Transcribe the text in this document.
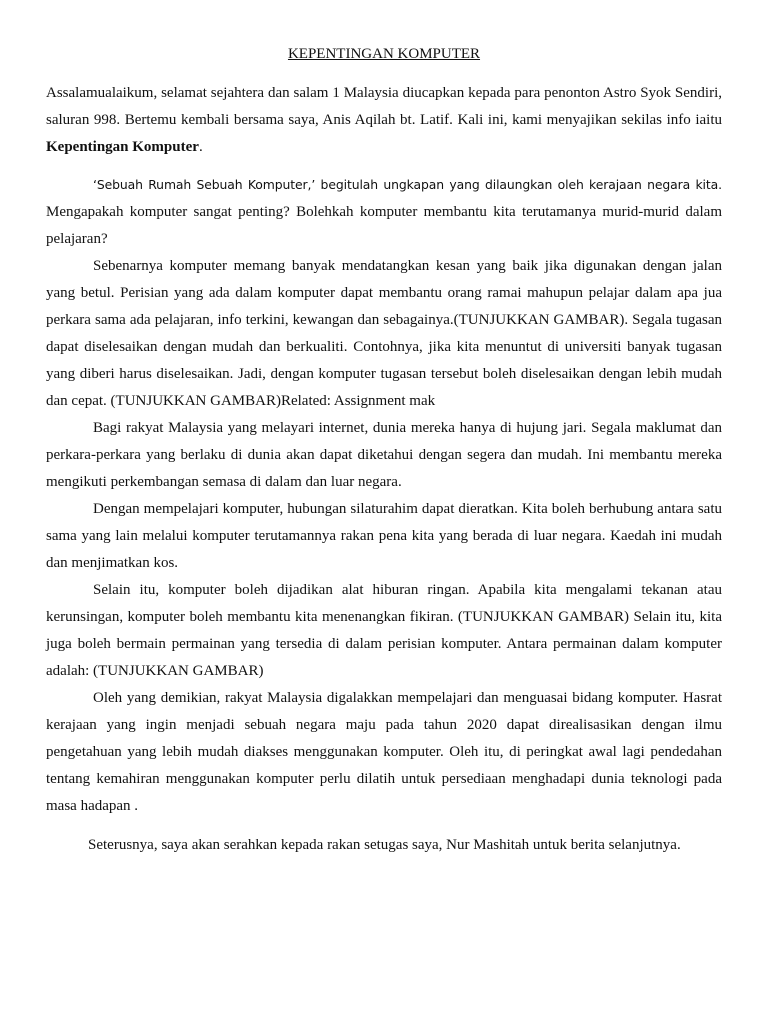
KEPENTINGAN KOMPUTER

Assalamualaikum, selamat sejahtera dan salam 1 Malaysia diucapkan kepada para penonton Astro Syok Sendiri, saluran 998. Bertemu kembali bersama saya, Anis Aqilah bt. Latif. Kali ini, kami menyajikan sekilas info iaitu Kepentingan Komputer.

‘Sebuah Rumah Sebuah Komputer,’ begitulah ungkapan yang dilaungkan oleh kerajaan negara kita. Mengapakah komputer sangat penting? Bolehkah komputer membantu kita terutamanya murid-murid dalam pelajaran?

Sebenarnya komputer memang banyak mendatangkan kesan yang baik jika digunakan dengan jalan yang betul. Perisian yang ada dalam komputer dapat membantu orang ramai mahupun pelajar dalam apa jua perkara sama ada pelajaran, info terkini, kewangan dan sebagainya.(TUNJUKKAN GAMBAR). Segala tugasan dapat diselesaikan dengan mudah dan berkualiti. Contohnya, jika kita menuntut di universiti banyak tugasan yang diberi harus diselesaikan. Jadi, dengan komputer tugasan tersebut boleh diselesaikan dengan lebih mudah dan cepat. (TUNJUKKAN GAMBAR)Related: Assignment mak

Bagi rakyat Malaysia yang melayari internet, dunia mereka hanya di hujung jari. Segala maklumat dan perkara-perkara yang berlaku di dunia akan dapat diketahui dengan segera dan mudah. Ini membantu mereka mengikuti perkembangan semasa di dalam dan luar negara.

Dengan mempelajari komputer, hubungan silaturahim dapat dieratkan. Kita boleh berhubung antara satu sama yang lain melalui komputer terutamannya rakan pena kita yang berada di luar negara. Kaedah ini mudah dan menjimatkan kos.

Selain itu, komputer boleh dijadikan alat hiburan ringan. Apabila kita mengalami tekanan atau kerunsingan, komputer boleh membantu kita menenangkan fikiran. (TUNJUKKAN GAMBAR) Selain itu, kita juga boleh bermain permainan yang tersedia di dalam perisian komputer. Antara permainan dalam komputer adalah: (TUNJUKKAN GAMBAR)

Oleh yang demikian, rakyat Malaysia digalakkan mempelajari dan menguasai bidang komputer. Hasrat kerajaan yang ingin menjadi sebuah negara maju pada tahun 2020 dapat direalisasikan dengan ilmu pengetahuan yang lebih mudah diakses menggunakan komputer. Oleh itu, di peringkat awal lagi pendedahan tentang kemahiran menggunakan komputer perlu dilatih untuk persediaan menghadapi dunia teknologi pada masa hadapan .

Seterusnya, saya akan serahkan kepada rakan setugas saya, Nur Mashitah untuk berita selanjutnya.
